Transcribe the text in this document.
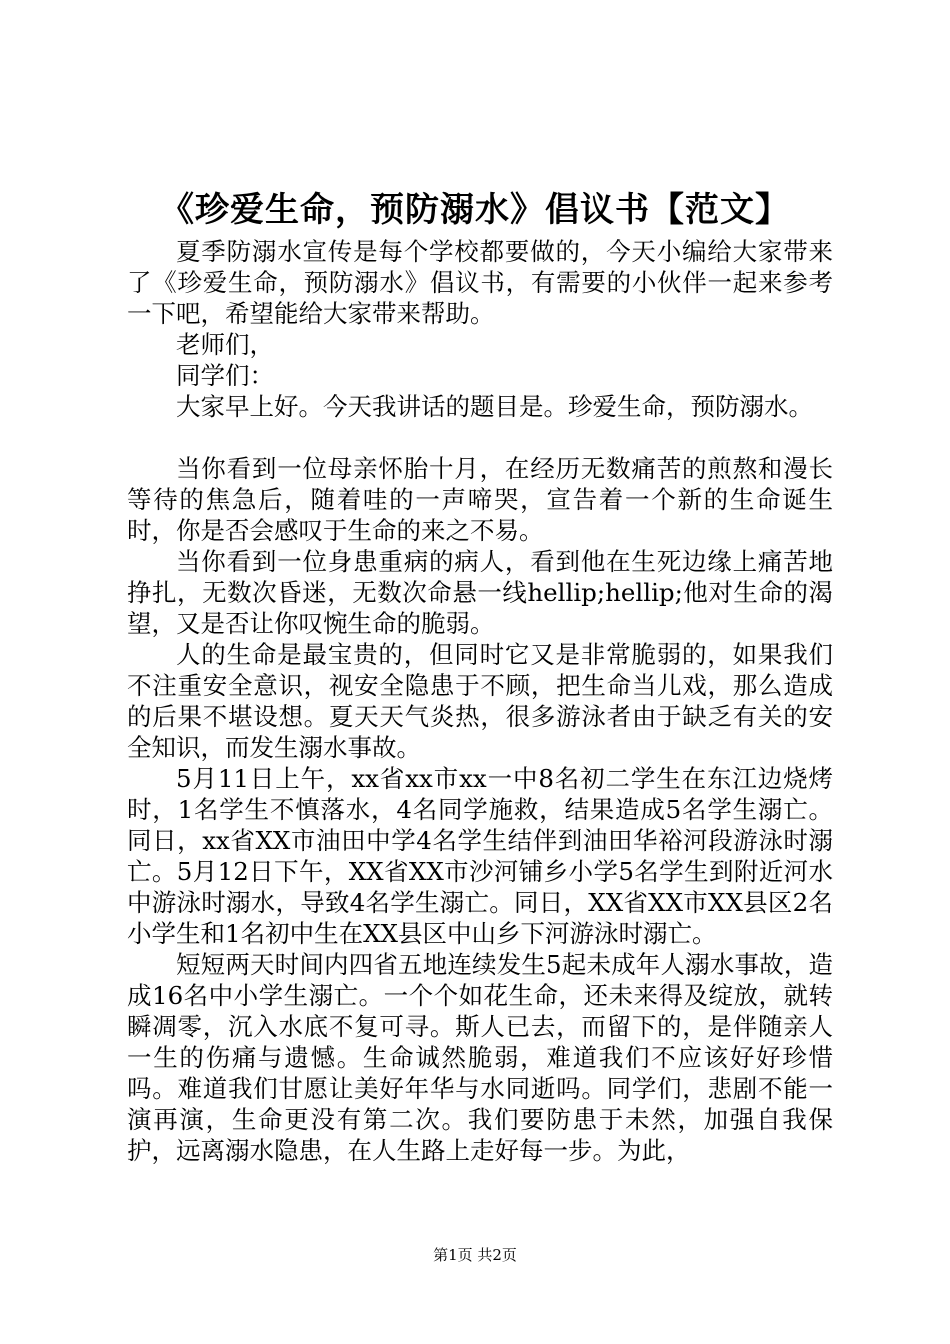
《珍爱生命，预防溺水》倡议书【范文】

夏季防溺水宣传是每个学校都要做的，今天小编给大家带来了《珍爱生命，预防溺水》倡议书，有需要的小伙伴一起来参考一下吧，希望能给大家带来帮助。

老师们，

同学们：

大家早上好。今天我讲话的题目是。珍爱生命，预防溺水。

当你看到一位母亲怀胎十月，在经历无数痛苦的煎熬和漫长等待的焦急后，随着哇的一声啼哭，宣告着一个新的生命诞生时，你是否会感叹于生命的来之不易。

当你看到一位身患重病的病人，看到他在生死边缘上痛苦地挣扎，无数次昏迷，无数次命悬一线hellip;hellip;他对生命的渴望，又是否让你叹惋生命的脆弱。

人的生命是最宝贵的，但同时它又是非常脆弱的，如果我们不注重安全意识，视安全隐患于不顾，把生命当儿戏，那么造成的后果不堪设想。夏天天气炎热，很多游泳者由于缺乏有关的安全知识，而发生溺水事故。

5月11日上午，xx省xx市xx一中8名初二学生在东江边烧烤时，1名学生不慎落水，4名同学施救，结果造成5名学生溺亡。同日，xx省XX市油田中学4名学生结伴到油田华裕河段游泳时溺亡。5月12日下午，XX省XX市沙河铺乡小学5名学生到附近河水中游泳时溺水，导致4名学生溺亡。同日，XX省XX市XX县区2名小学生和1名初中生在XX县区中山乡下河游泳时溺亡。

短短两天时间内四省五地连续发生5起未成年人溺水事故，造成16名中小学生溺亡。一个个如花生命，还未来得及绽放，就转瞬凋零，沉入水底不复可寻。斯人已去，而留下的，是伴随亲人一生的伤痛与遗憾。生命诚然脆弱，难道我们不应该好好珍惜吗。难道我们甘愿让美好年华与水同逝吗。同学们，悲剧不能一演再演，生命更没有第二次。我们要防患于未然，加强自我保护，远离溺水隐患，在人生路上走好每一步。为此，

第1页 共2页
